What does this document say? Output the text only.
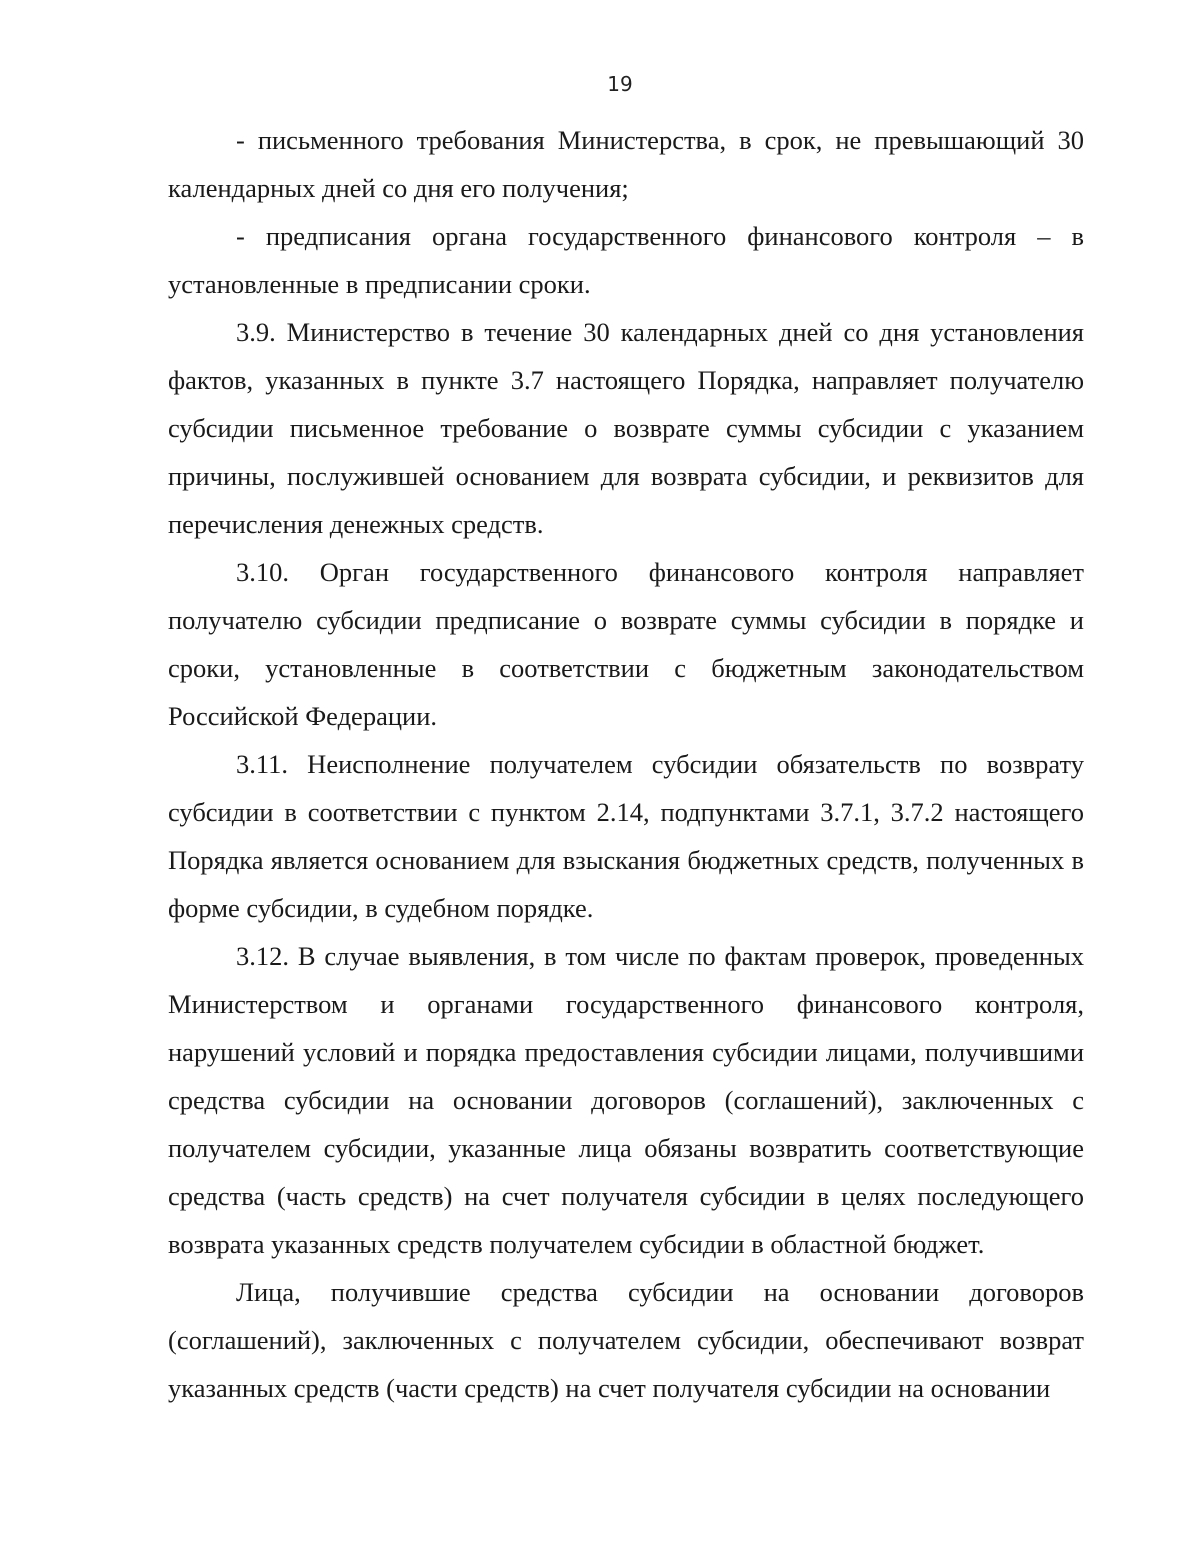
19

- письменного требования Министерства, в срок, не превышающий 30 календарных дней со дня его получения;

- предписания органа государственного финансового контроля – в установленные в предписании сроки.

3.9. Министерство в течение 30 календарных дней со дня установления фактов, указанных в пункте 3.7 настоящего Порядка, направляет получателю субсидии письменное требование о возврате суммы субсидии с указанием причины, послужившей основанием для возврата субсидии, и реквизитов для перечисления денежных средств.

3.10. Орган государственного финансового контроля направляет получателю субсидии предписание о возврате суммы субсидии в порядке и сроки, установленные в соответствии с бюджетным законодательством Российской Федерации.

3.11. Неисполнение получателем субсидии обязательств по возврату субсидии в соответствии с пунктом 2.14, подпунктами 3.7.1, 3.7.2 настоящего Порядка является основанием для взыскания бюджетных средств, полученных в форме субсидии, в судебном порядке.

3.12. В случае выявления, в том числе по фактам проверок, проведенных Министерством и органами государственного финансового контроля, нарушений условий и порядка предоставления субсидии лицами, получившими средства субсидии на основании договоров (соглашений), заключенных с получателем субсидии, указанные лица обязаны возвратить соответствующие средства (часть средств) на счет получателя субсидии в целях последующего возврата указанных средств получателем субсидии в областной бюджет.

Лица, получившие средства субсидии на основании договоров (соглашений), заключенных с получателем субсидии, обеспечивают возврат указанных средств (части средств) на счет получателя субсидии на основании
